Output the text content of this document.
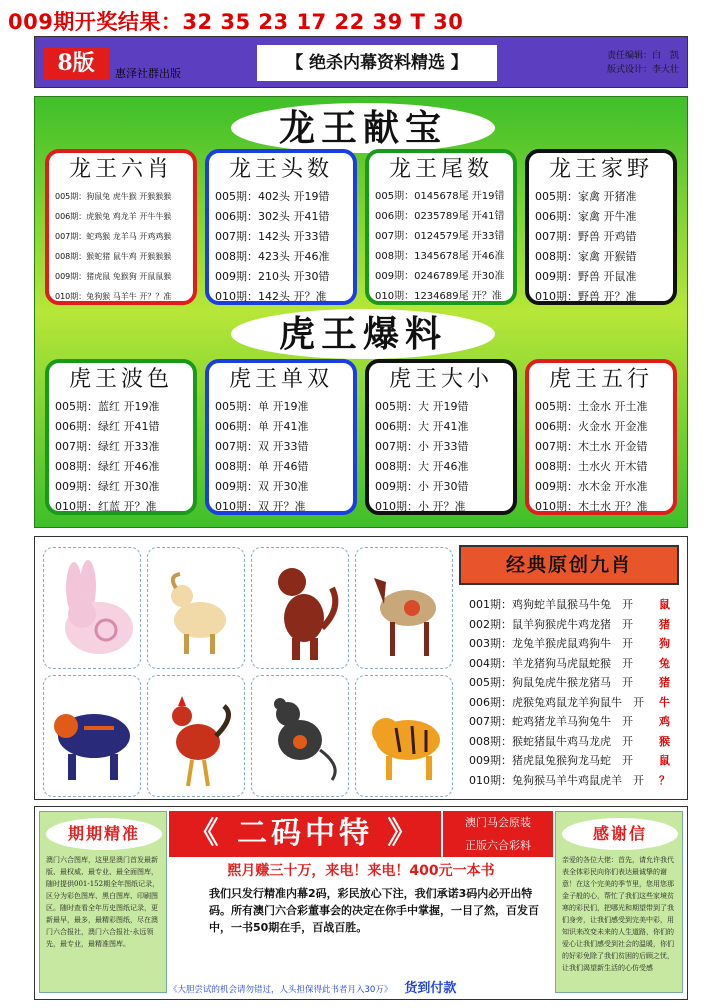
009期开奖结果：32 35 23 17 22 39 T 30
8版	惠泽社群出版
【 绝杀内幕资料精选 】	责任编辑：白　凯
版式设计：李大壮
龙王献宝
龙王六肖
005期：狗鼠兔 虎牛猴 开猴猴猴
006期：虎猴兔 鸡龙羊 开牛牛猴
007期：蛇鸡猴 龙羊马 开鸡鸡猴
008期：猴蛇猪 鼠牛鸡 开猴猴猴
009期：猪虎鼠 兔猴狗 开鼠鼠猴
010期：兔狗猴 马羊牛 开？？准
龙王头数
005期：402头 开19错
006期：302头 开41错
007期：142头 开33错
008期：423头 开46准
009期：210头 开30错
010期：142头 开？准
龙王尾数
005期：0145678尾 开19错
006期：0235789尾 开41错
007期：0124579尾 开33错
008期：1345678尾 开46准
009期：0246789尾 开30准
010期：1234689尾 开？准
龙王家野
005期：家禽 开猪准
006期：家禽 开牛准
007期：野兽 开鸡错
008期：家禽 开猴错
009期：野兽 开鼠准
010期：野兽 开？准
虎王爆料
虎王波色
005期：蓝红 开19准
006期：绿红 开41错
007期：绿红 开33准
008期：绿红 开46准
009期：绿红 开30准
010期：红蓝 开？准
虎王单双
005期：单 开19准
006期：单 开41准
007期：双 开33错
008期：单 开46错
009期：双 开30准
010期：双 开？准
虎王大小
005期：大 开19错
006期：大 开41准
007期：小 开33错
008期：大 开46准
009期：小 开30错
010期：小 开？准
虎王五行
005期：土金水 开土准
006期：火金水 开金准
007期：木土水 开金错
008期：土水火 开木错
009期：水木金 开水准
010期：木土水 开？准
经典原创九肖
001期：鸡狗蛇羊鼠猴马牛兔　开 鼠
002期：鼠羊狗猴虎牛鸡龙猪　开 猪
003期：龙兔羊猴虎鼠鸡狗牛　开 狗
004期：羊龙猪狗马虎鼠蛇猴　开 兔
005期：狗鼠兔虎牛猴龙猪马　开 猪
006期：虎猴兔鸡鼠龙羊狗鼠牛　开 牛
007期：蛇鸡猪龙羊马狗兔牛　开 鸡
008期：猴蛇猪鼠牛鸡马龙虎　开 猴
009期：猪虎鼠兔猴狗龙马蛇　开 鼠
010期：兔狗猴马羊牛鸡鼠虎羊　开 ？
期期精准
澳门六合图库，这里是澳门首发最新版、最权威、最专业、最全面图库，随时提供001-152期全年图纸记录，区分为彩色图库、黑白图库、印刷图区。随时查看全年历史图纸记录，更新最早，最多，最精彩图纸，尽在澳门六合报社，澳门六合报社-永远领先，最专业，最精准图库。
《 二码中特 》	澳门马会原装
正版六合彩料
煕月赚三十万，来电！来电！400元一本书
我们只发行精准内幕2码，彩民放心下注，我们承诺3码内必开出特码。所有澳门六合彩董事会的决定在你手中掌握，一目了然，百发百中，一书50期在手，百战百胜。
《大胆尝试的机会请勿错过，人头担保得此书者月入30万》 货到付款
感谢信
亲爱的各位大佬：首先，请允许我代表全体彩民向你们表达最诚挚的谢意！在这个完美的季节里，您用您那金子般的心，帮忙了我们这些家境贫寒的彩民们，把哪光和期望带到了我们身旁，让我们感受到完美中彩，用知识来改变未来的人生道路，你们的爱心让我们感受到社会的温暖，你们的好彩免除了我们贫困的后顾之忧，让我们渴望新生活的心仿受感
